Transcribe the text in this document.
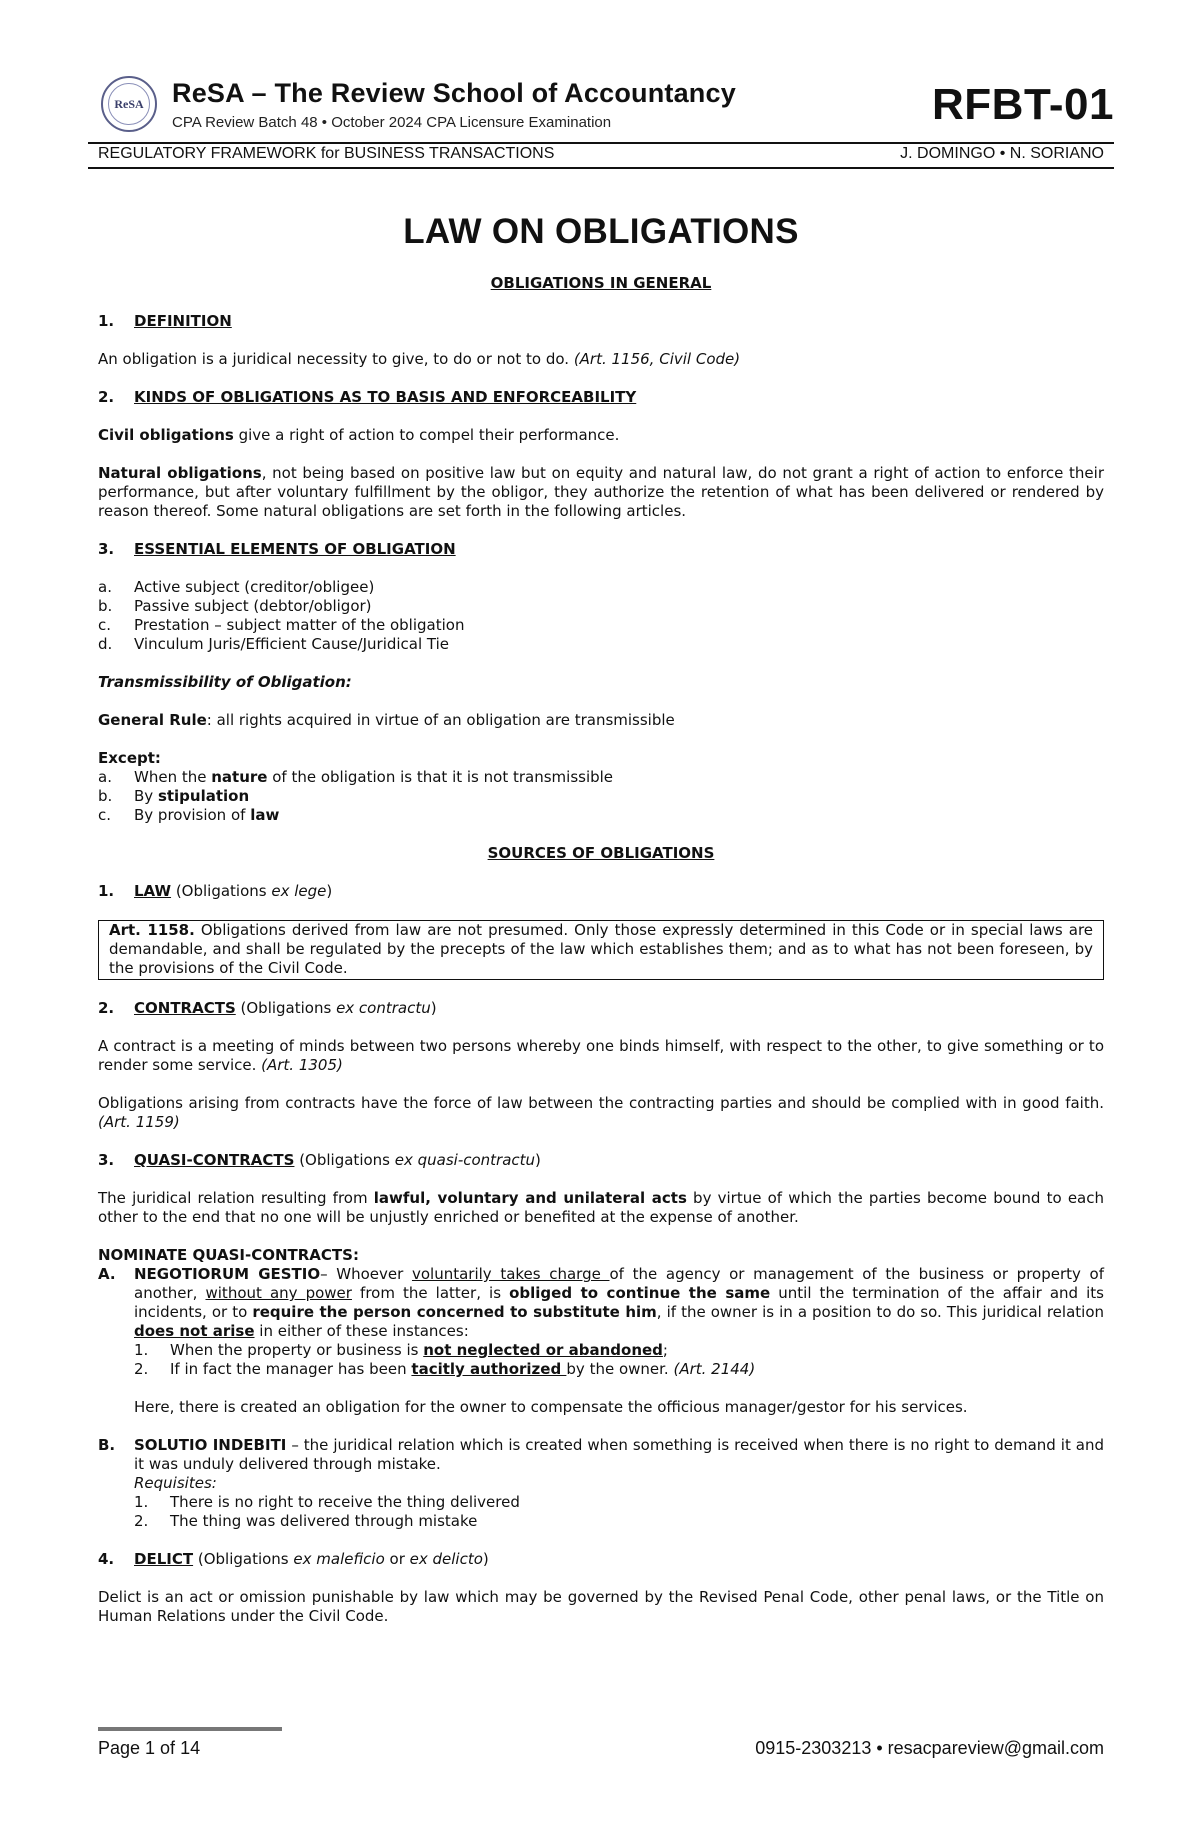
ReSA ReSA – The Review School of Accountancy
CPA Review Batch 48 • October 2024 CPA Licensure Examination	RFBT-01
REGULATORY FRAMEWORK for BUSINESS TRANSACTIONS	J. DOMINGO • N. SORIANO
LAW ON OBLIGATIONS
OBLIGATIONS IN GENERAL
1.	DEFINITION
An obligation is a juridical necessity to give, to do or not to do. (Art. 1156, Civil Code)
2.	KINDS OF OBLIGATIONS AS TO BASIS AND ENFORCEABILITY
Civil obligations give a right of action to compel their performance.
Natural obligations, not being based on positive law but on equity and natural law, do not grant a right of action to enforce their performance, but after voluntary fulfillment by the obligor, they authorize the retention of what has been delivered or rendered by reason thereof. Some natural obligations are set forth in the following articles.
3.	ESSENTIAL ELEMENTS OF OBLIGATION
a.	Active subject (creditor/obligee)
b.	Passive subject (debtor/obligor)
c.	Prestation – subject matter of the obligation
d.	Vinculum Juris/Efficient Cause/Juridical Tie
Transmissibility of Obligation:
General Rule: all rights acquired in virtue of an obligation are transmissible
Except:
a.	When the nature of the obligation is that it is not transmissible
b.	By stipulation
c.	By provision of law
SOURCES OF OBLIGATIONS
1.	LAW (Obligations ex lege)
Art. 1158. Obligations derived from law are not presumed. Only those expressly determined in this Code or in special laws are demandable, and shall be regulated by the precepts of the law which establishes them; and as to what has not been foreseen, by the provisions of the Civil Code.
2.	CONTRACTS (Obligations ex contractu)
A contract is a meeting of minds between two persons whereby one binds himself, with respect to the other, to give something or to render some service. (Art. 1305)
Obligations arising from contracts have the force of law between the contracting parties and should be complied with in good faith. (Art. 1159)
3.	QUASI-CONTRACTS (Obligations ex quasi-contractu)
The juridical relation resulting from lawful, voluntary and unilateral acts by virtue of which the parties become bound to each other to the end that no one will be unjustly enriched or benefited at the expense of another.
NOMINATE QUASI-CONTRACTS:
A.	NEGOTIORUM GESTIO– Whoever voluntarily takes charge of the agency or management of the business or property of another, without any power from the latter, is obliged to continue the same until the termination of the affair and its incidents, or to require the person concerned to substitute him, if the owner is in a position to do so. This juridical relation does not arise in either of these instances:
1.	When the property or business is not neglected or abandoned;
2.	If in fact the manager has been tacitly authorized by the owner. (Art. 2144)
Here, there is created an obligation for the owner to compensate the officious manager/gestor for his services.
B.	SOLUTIO INDEBITI – the juridical relation which is created when something is received when there is no right to demand it and it was unduly delivered through mistake.
Requisites:
1.	There is no right to receive the thing delivered
2.	The thing was delivered through mistake
4.	DELICT (Obligations ex maleficio or ex delicto)
Delict is an act or omission punishable by law which may be governed by the Revised Penal Code, other penal laws, or the Title on Human Relations under the Civil Code.
Page 1 of 14	0915-2303213 • resacpareview@gmail.com
